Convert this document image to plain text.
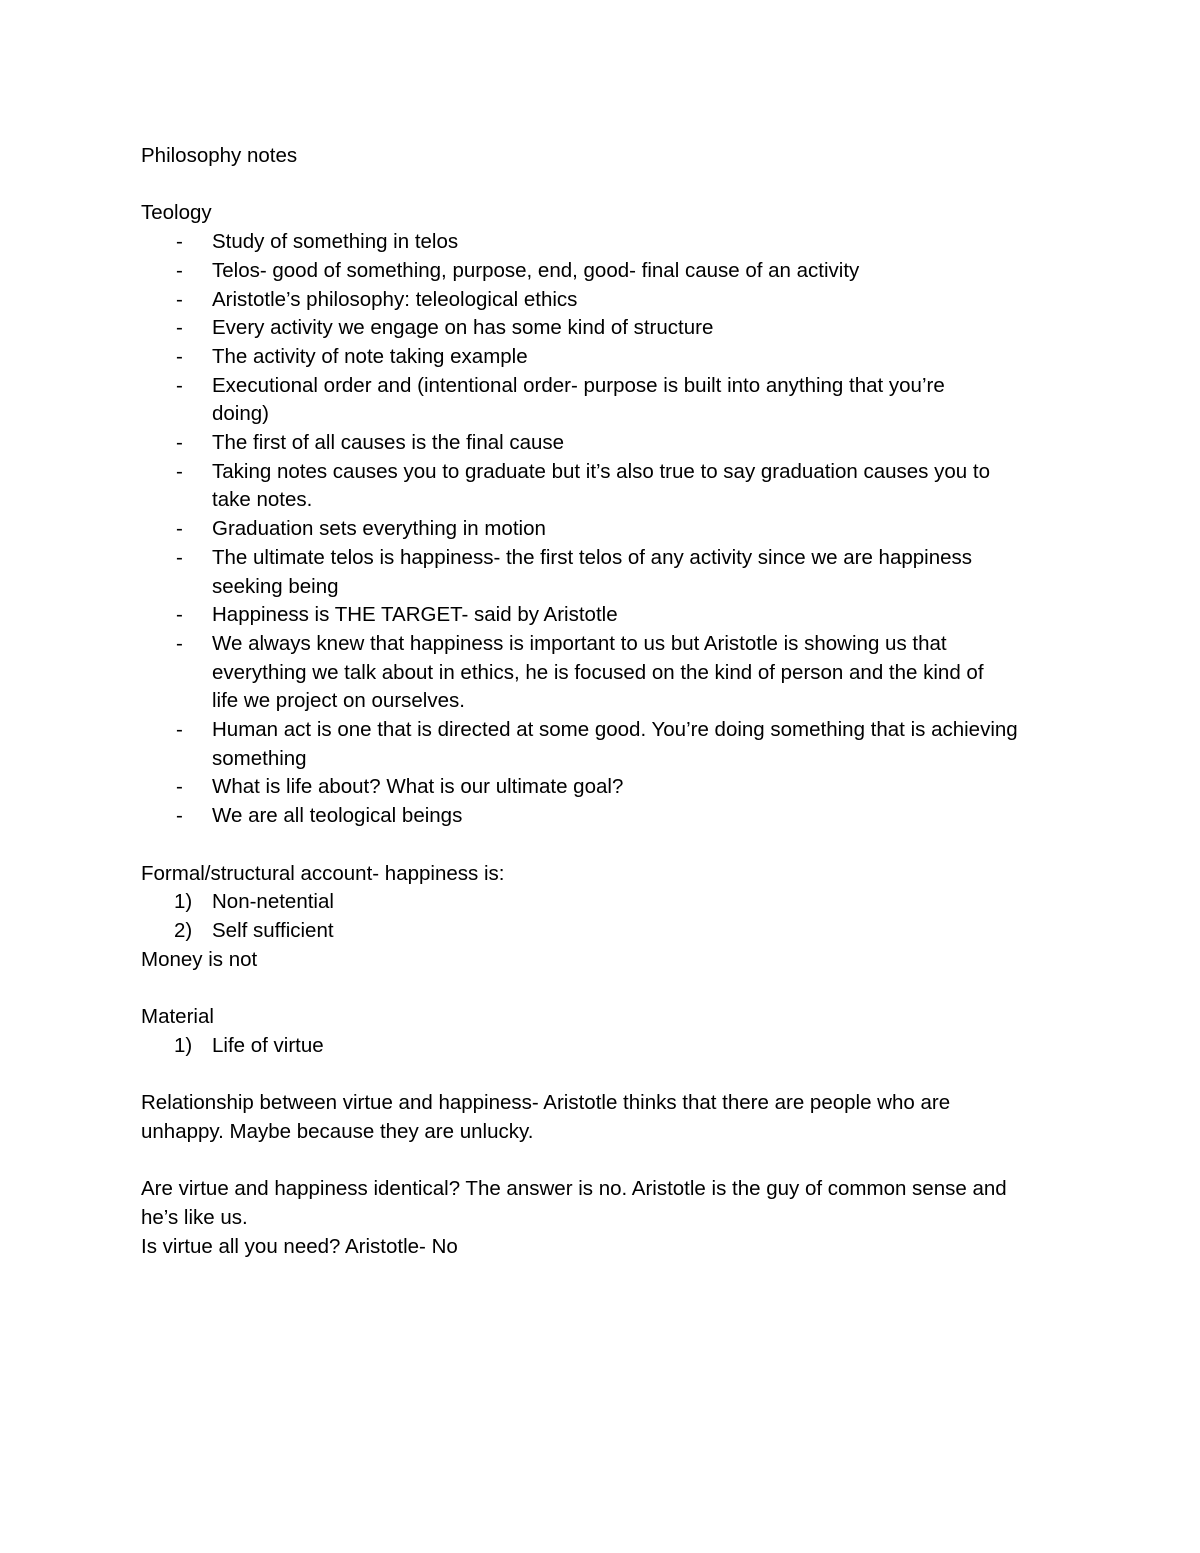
Philosophy notes
Teology
- Study of something in telos
- Telos- good of something, purpose, end, good- final cause of an activity
- Aristotle’s philosophy: teleological ethics
- Every activity we engage on has some kind of structure
- The activity of note taking example
- Executional order and (intentional order- purpose is built into anything that you’re
doing)
- The first of all causes is the final cause
- Taking notes causes you to graduate but it’s also true to say graduation causes you to
take notes.
- Graduation sets everything in motion
- The ultimate telos is happiness- the first telos of any activity since we are happiness
seeking being
- Happiness is THE TARGET- said by Aristotle
- We always knew that happiness is important to us but Aristotle is showing us that
everything we talk about in ethics, he is focused on the kind of person and the kind of
life we project on ourselves.
- Human act is one that is directed at some good. You’re doing something that is achieving
something
- What is life about? What is our ultimate goal?
- We are all teological beings
Formal/structural account- happiness is:
1) Non-netential
2) Self sufficient
Money is not
Material
1) Life of virtue
Relationship between virtue and happiness- Aristotle thinks that there are people who are
unhappy. Maybe because they are unlucky.
Are virtue and happiness identical? The answer is no. Aristotle is the guy of common sense and
he’s like us.
Is virtue all you need? Aristotle- No
